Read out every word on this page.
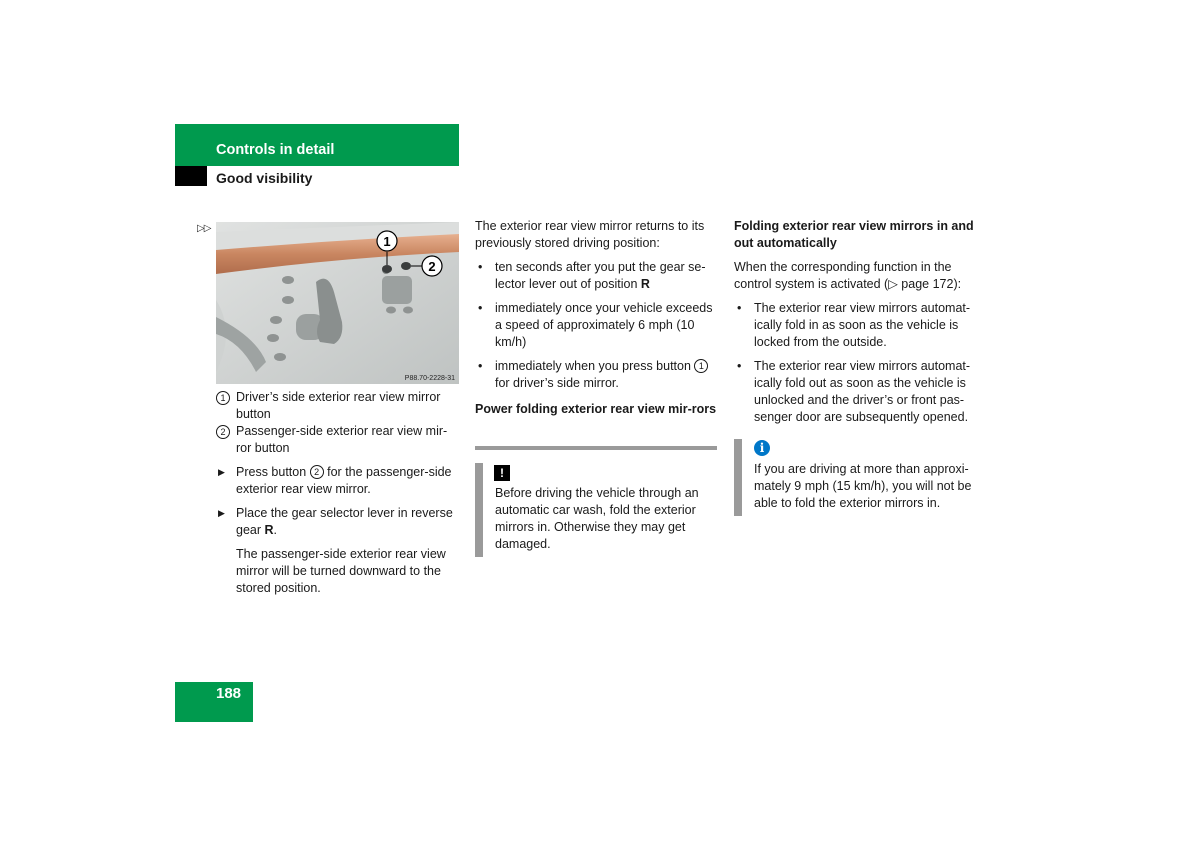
Controls in detail
Good visibility
▷▷
1
2
P88.70-2228-31

1 Driver’s side exterior rear view mirror button

2 Passenger-side exterior rear view mir-ror button

▶ Press button 2 for the passenger-side exterior rear view mirror.

▶ Place the gear selector lever in reverse gear R.

The passenger-side exterior rear view mirror will be turned downward to the stored position.

The exterior rear view mirror returns to its previously stored driving position:

• ten seconds after you put the gear se-lector lever out of position R

• immediately once your vehicle exceeds a speed of approximately 6 mph (10 km/h)

• immediately when you press button 1 for driver’s side mirror.

Power folding exterior rear view mir-rors

!

Before driving the vehicle through an automatic car wash, fold the exterior mirrors in. Otherwise they may get damaged.

Folding exterior rear view mirrors in and out automatically

When the corresponding function in the control system is activated (▷ page 172):

• The exterior rear view mirrors automat-ically fold in as soon as the vehicle is locked from the outside.

• The exterior rear view mirrors automat-ically fold out as soon as the vehicle is unlocked and the driver’s or front pas-senger door are subsequently opened.

i

If you are driving at more than approxi-mately 9 mph (15 km/h), you will not be able to fold the exterior mirrors in.

188
